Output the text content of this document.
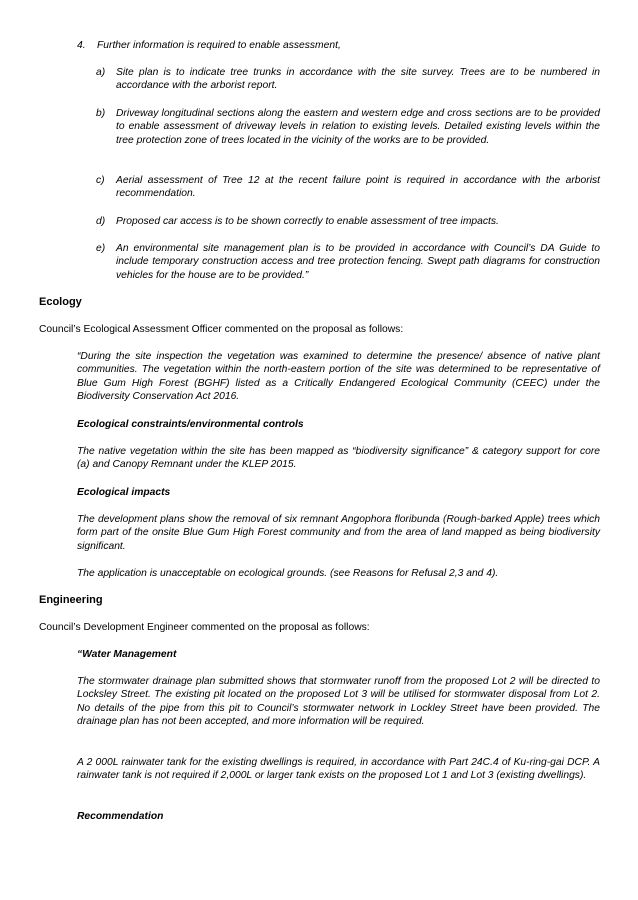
4. Further information is required to enable assessment,
a) Site plan is to indicate tree trunks in accordance with the site survey. Trees are to be numbered in accordance with the arborist report.

b) Driveway longitudinal sections along the eastern and western edge and cross sections are to be provided to enable assessment of driveway levels in relation to existing levels. Detailed existing levels within the tree protection zone of trees located in the vicinity of the works are to be provided.

c) Aerial assessment of Tree 12 at the recent failure point is required in accordance with the arborist recommendation.

d) Proposed car access is to be shown correctly to enable assessment of tree impacts.

e) An environmental site management plan is to be provided in accordance with Council’s DA Guide to include temporary construction access and tree protection fencing. Swept path diagrams for construction vehicles for the house are to be provided.”

Ecology

Council’s Ecological Assessment Officer commented on the proposal as follows:

“During the site inspection the vegetation was examined to determine the presence/ absence of native plant communities. The vegetation within the north-eastern portion of the site was determined to be representative of Blue Gum High Forest (BGHF) listed as a Critically Endangered Ecological Community (CEEC) under the Biodiversity Conservation Act 2016.

Ecological constraints/environmental controls

The native vegetation within the site has been mapped as “biodiversity significance” & category support for core (a) and Canopy Remnant under the KLEP 2015.

Ecological impacts

The development plans show the removal of six remnant Angophora floribunda (Rough-barked Apple) trees which form part of the onsite Blue Gum High Forest community and from the area of land mapped as being biodiversity significant.

The application is unacceptable on ecological grounds. (see Reasons for Refusal 2,3 and 4).

Engineering

Council’s Development Engineer commented on the proposal as follows:

“Water Management

The stormwater drainage plan submitted shows that stormwater runoff from the proposed Lot 2 will be directed to Locksley Street. The existing pit located on the proposed Lot 3 will be utilised for stormwater disposal from Lot 2. No details of the pipe from this pit to Council’s stormwater network in Lockley Street have been provided. The drainage plan has not been accepted, and more information will be required.

A 2 000L rainwater tank for the existing dwellings is required, in accordance with Part 24C.4 of Ku-ring-gai DCP. A rainwater tank is not required if 2,000L or larger tank exists on the proposed Lot 1 and Lot 3 (existing dwellings).

Recommendation
